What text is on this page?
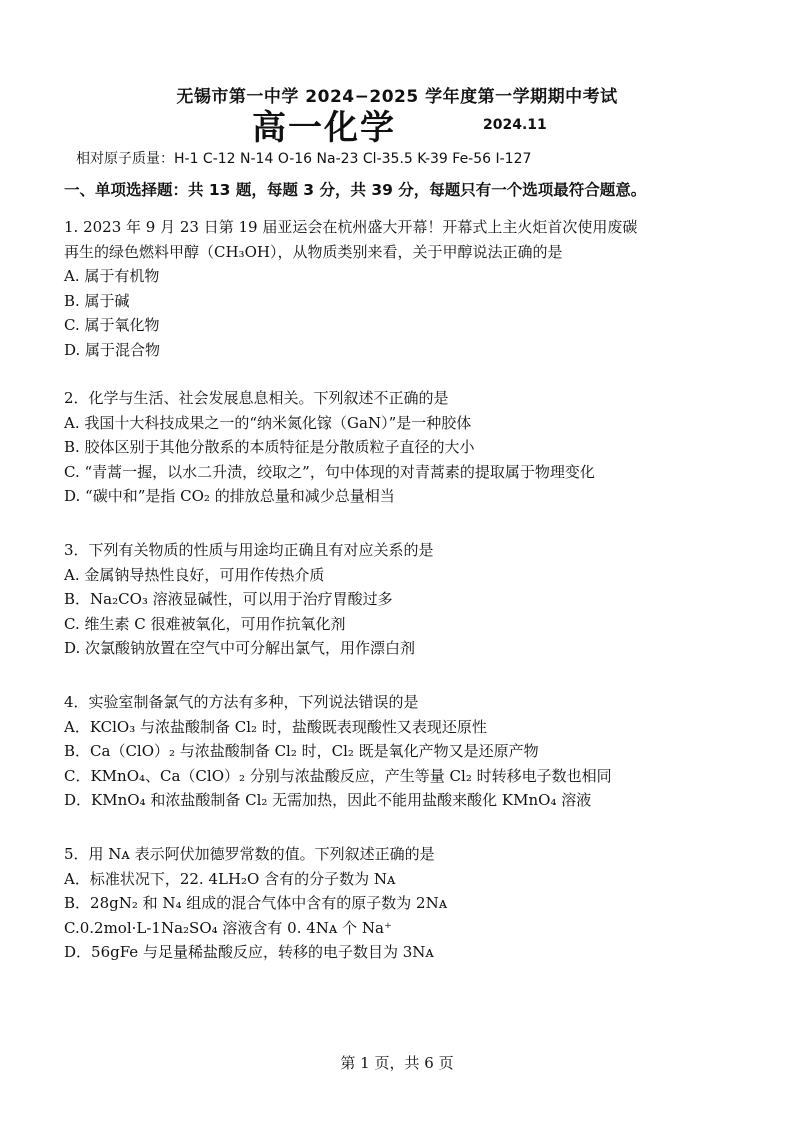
无锡市第一中学 2024−2025 学年度第一学期期中考试
高一化学	2024.11
相对原子质量：H-1 C-12 N-14 O-16 Na-23 Cl-35.5 K-39 Fe-56 I-127
一、单项选择题：共 13 题，每题 3 分，共 39 分，每题只有一个选项最符合题意。
1. 2023 年 9 月 23 日第 19 届亚运会在杭州盛大开幕！开幕式上主火炬首次使用废碳
再生的绿色燃料甲醇（CH₃OH），从物质类别来看，关于甲醇说法正确的是
A. 属于有机物
B. 属于碱
C. 属于氧化物
D. 属于混合物
2．化学与生活、社会发展息息相关。下列叙述不正确的是
A. 我国十大科技成果之一的“纳米氮化镓（GaN）”是一种胶体
B. 胶体区别于其他分散系的本质特征是分散质粒子直径的大小
C. “青蒿一握，以水二升渍，绞取之”，句中体现的对青蒿素的提取属于物理变化
D. “碳中和”是指 CO₂ 的排放总量和减少总量相当
3．下列有关物质的性质与用途均正确且有对应关系的是
A. 金属钠导热性良好，可用作传热介质
B．Na₂CO₃ 溶液显碱性，可以用于治疗胃酸过多
C. 维生素 C 很难被氧化，可用作抗氧化剂
D. 次氯酸钠放置在空气中可分解出氯气，用作漂白剂
4．实验室制备氯气的方法有多种，下列说法错误的是
A．KClO₃ 与浓盐酸制备 Cl₂ 时，盐酸既表现酸性又表现还原性
B．Ca（ClO）₂ 与浓盐酸制备 Cl₂ 时，Cl₂ 既是氧化产物又是还原产物
C．KMnO₄、Ca（ClO）₂ 分别与浓盐酸反应，产生等量 Cl₂ 时转移电子数也相同
D．KMnO₄ 和浓盐酸制备 Cl₂ 无需加热，因此不能用盐酸来酸化 KMnO₄ 溶液
5．用 Nᴀ 表示阿伏加德罗常数的值。下列叙述正确的是
A．标准状况下，22. 4LH₂O 含有的分子数为 Nᴀ
B．28gN₂ 和 N₄ 组成的混合气体中含有的原子数为 2Nᴀ
C.0.2mol·L-1Na₂SO₄ 溶液含有 0. 4Nᴀ 个 Na⁺
D．56gFe 与足量稀盐酸反应，转移的电子数目为 3Nᴀ
第 1 页，共 6 页
